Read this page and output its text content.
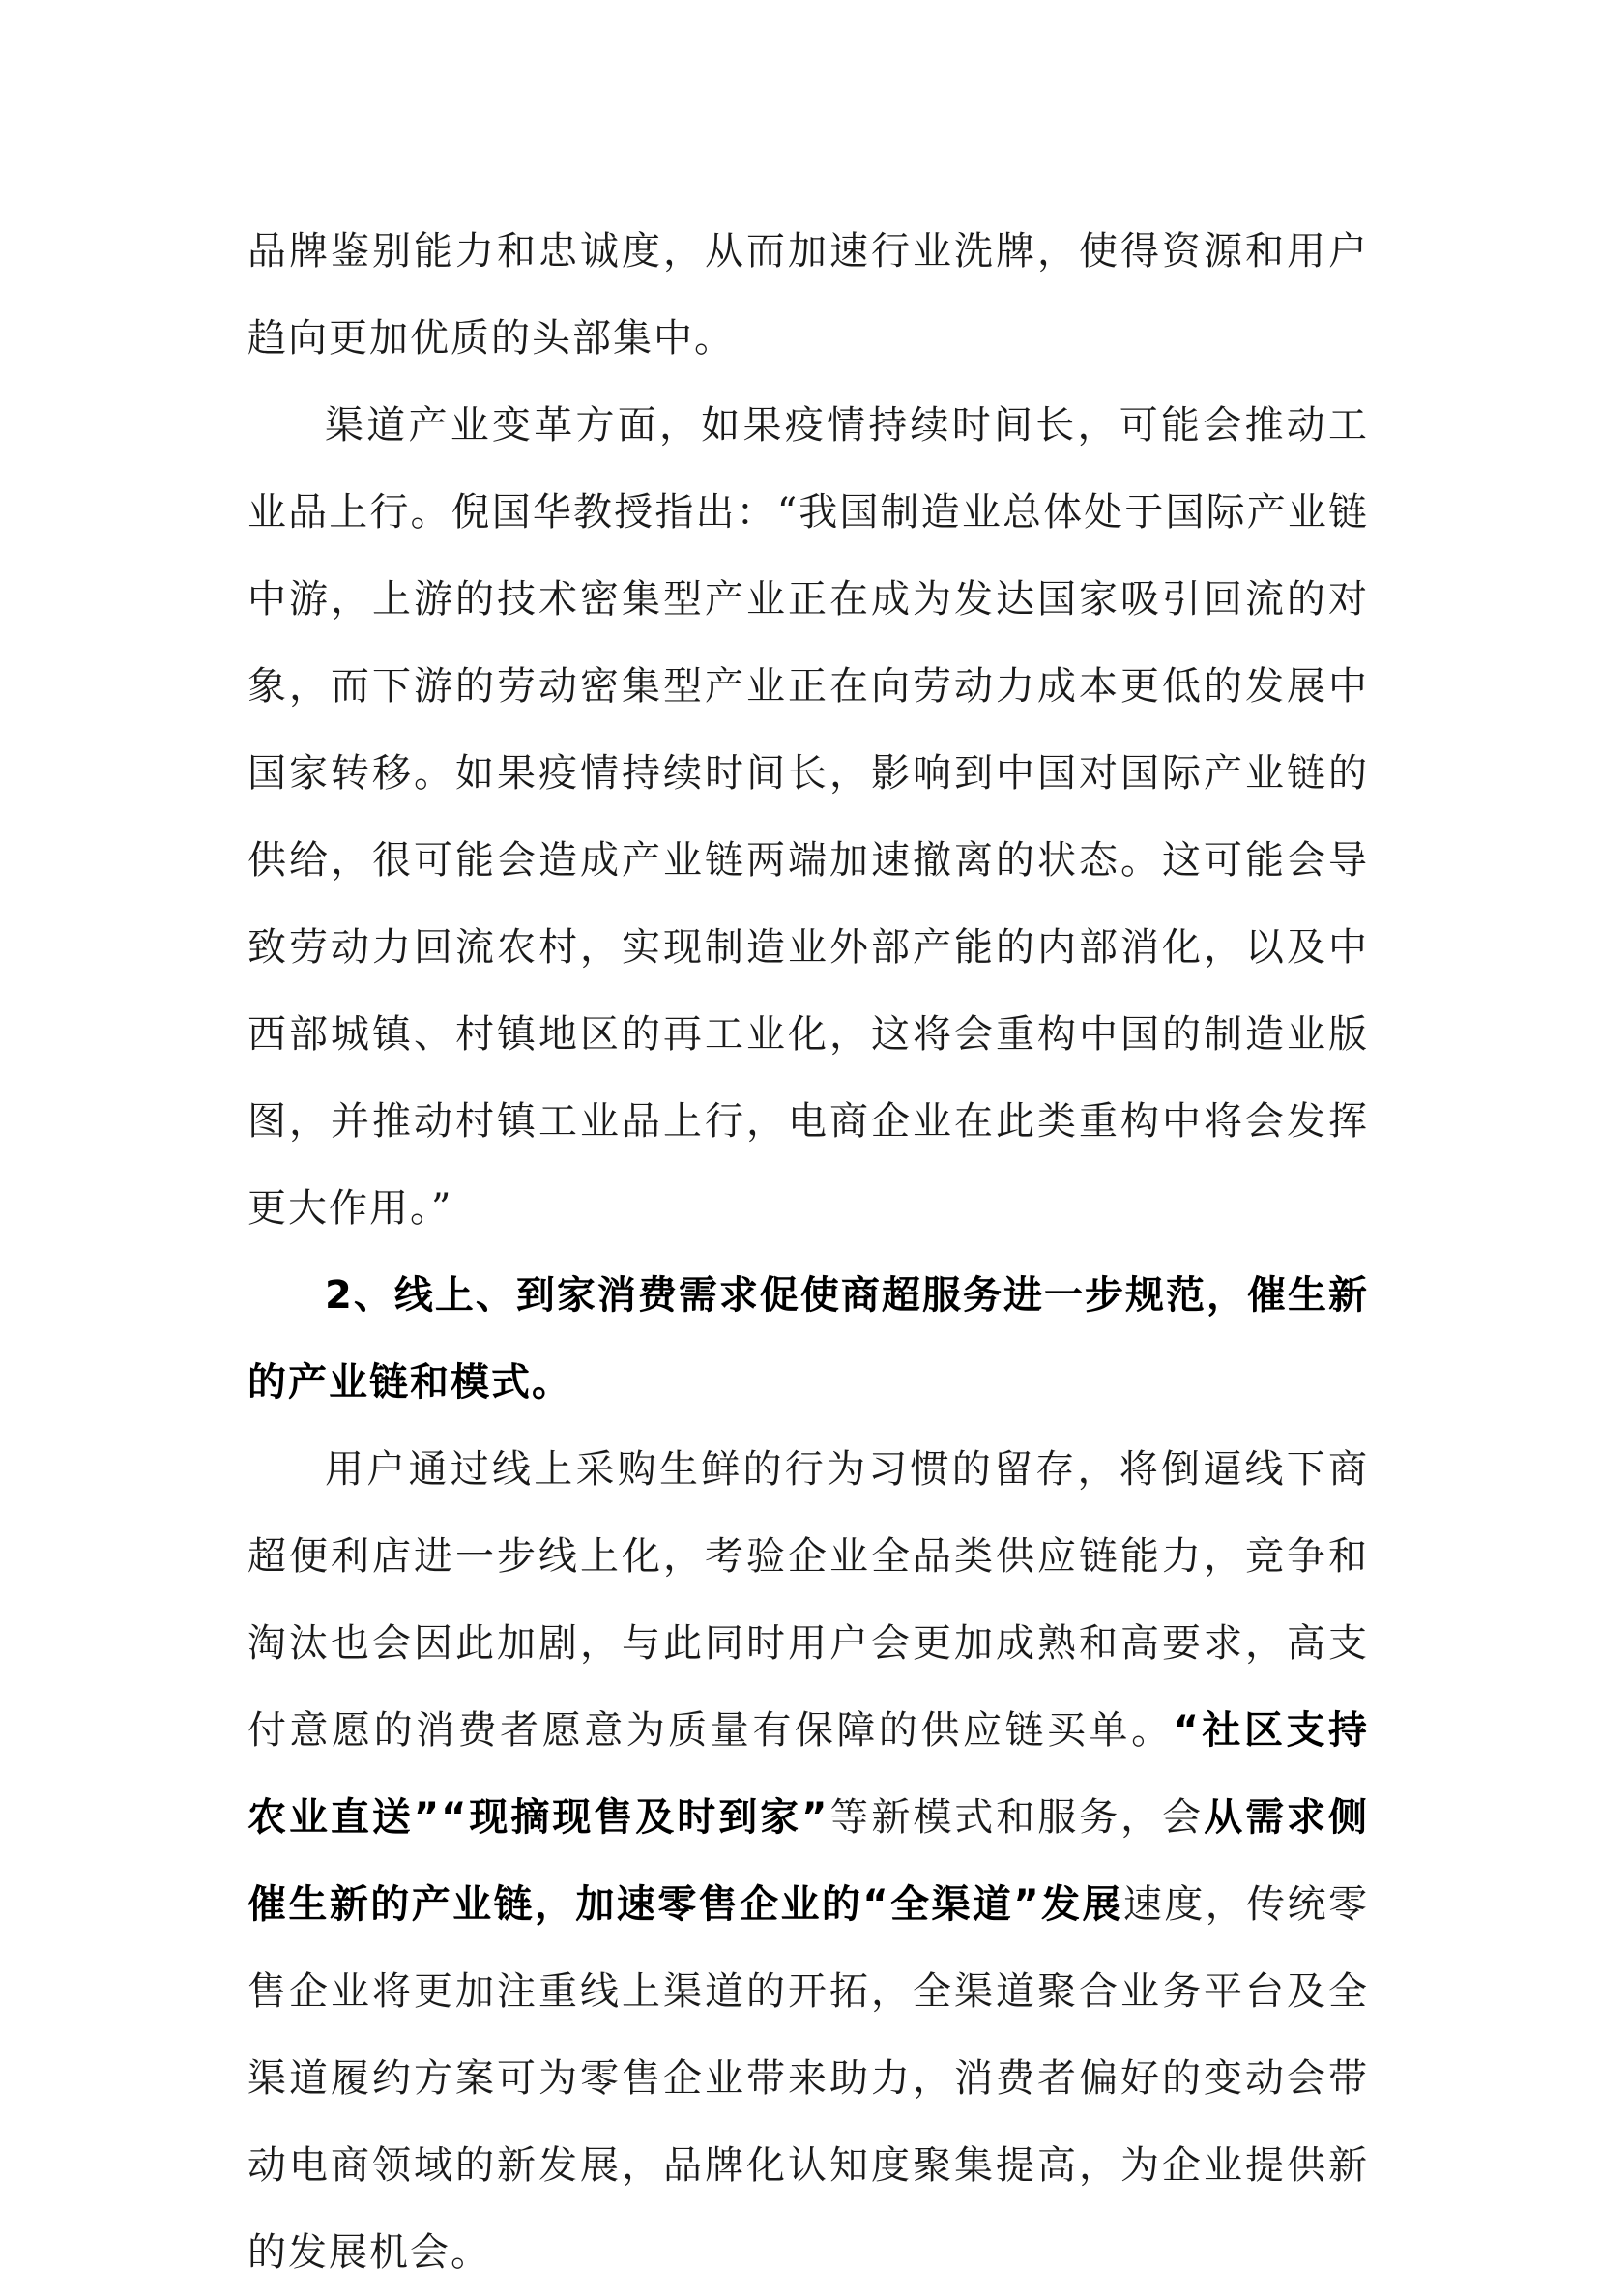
品牌鉴别能力和忠诚度，从而加速行业洗牌，使得资源和用户趋向更加优质的头部集中。

渠道产业变革方面，如果疫情持续时间长，可能会推动工业品上行。倪国华教授指出：“我国制造业总体处于国际产业链中游，上游的技术密集型产业正在成为发达国家吸引回流的对象，而下游的劳动密集型产业正在向劳动力成本更低的发展中国家转移。如果疫情持续时间长，影响到中国对国际产业链的供给，很可能会造成产业链两端加速撤离的状态。这可能会导致劳动力回流农村，实现制造业外部产能的内部消化，以及中西部城镇、村镇地区的再工业化，这将会重构中国的制造业版图，并推动村镇工业品上行，电商企业在此类重构中将会发挥更大作用。”

2、线上、到家消费需求促使商超服务进一步规范，催生新的产业链和模式。

用户通过线上采购生鲜的行为习惯的留存，将倒逼线下商超便利店进一步线上化，考验企业全品类供应链能力，竞争和淘汰也会因此加剧，与此同时用户会更加成熟和高要求，高支付意愿的消费者愿意为质量有保障的供应链买单。“社区支持农业直送”“现摘现售及时到家”等新模式和服务，会从需求侧催生新的产业链，加速零售企业的“全渠道”发展速度，传统零售企业将更加注重线上渠道的开拓，全渠道聚合业务平台及全渠道履约方案可为零售企业带来助力，消费者偏好的变动会带动电商领域的新发展，品牌化认知度聚集提高，为企业提供新的发展机会。
